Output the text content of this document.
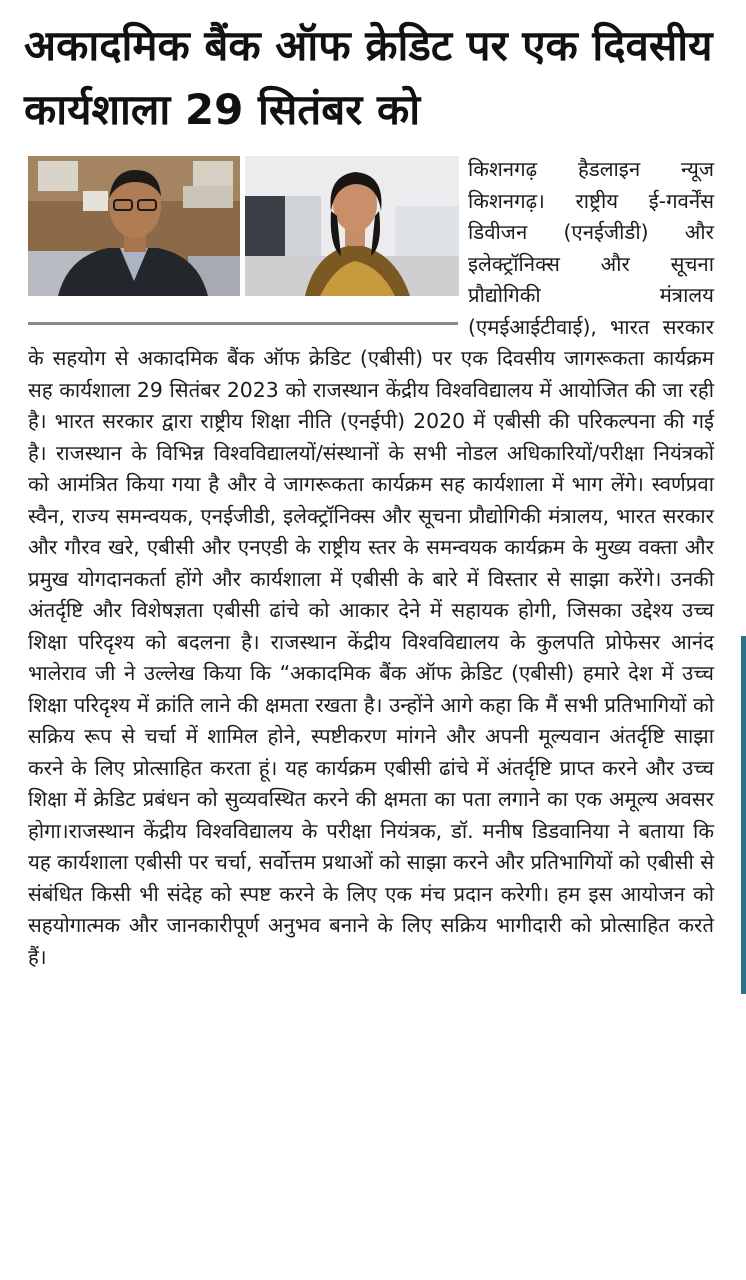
अकादमिक बैंक ऑफ क्रेडिट पर एक दिवसीय कार्यशाला 29 सितंबर को
किशनगढ़ हैडलाइन न्यूज किशनगढ़। राष्ट्रीय ई-गवर्नेंस डिवीजन (एनईजीडी) और इलेक्ट्रॉनिक्स और सूचना प्रौद्योगिकी मंत्रालय (एमईआईटीवाई), भारत सरकार के सहयोग से अकादमिक बैंक ऑफ क्रेडिट (एबीसी) पर एक दिवसीय जागरूकता कार्यक्रम सह कार्यशाला 29 सितंबर 2023 को राजस्थान केंद्रीय विश्वविद्यालय में आयोजित की जा रही है। भारत सरकार द्वारा राष्ट्रीय शिक्षा नीति (एनईपी) 2020 में एबीसी की परिकल्पना की गई है। राजस्थान के विभिन्न विश्वविद्यालयों/संस्थानों के सभी नोडल अधिकारियों/परीक्षा नियंत्रकों को आमंत्रित किया गया है और वे जागरूकता कार्यक्रम सह कार्यशाला में भाग लेंगे। स्वर्णप्रवा स्वैन, राज्य समन्वयक, एनईजीडी, इलेक्ट्रॉनिक्स और सूचना प्रौद्योगिकी मंत्रालय, भारत सरकार और गौरव खरे, एबीसी और एनएडी के राष्ट्रीय स्तर के समन्वयक कार्यक्रम के मुख्य वक्ता और प्रमुख योगदानकर्ता होंगे और कार्यशाला में एबीसी के बारे में विस्तार से साझा करेंगे। उनकी अंतर्दृष्टि और विशेषज्ञता एबीसी ढांचे को आकार देने में सहायक होगी, जिसका उद्देश्य उच्च शिक्षा परिदृश्य को बदलना है। राजस्थान केंद्रीय विश्वविद्यालय के कुलपति प्रोफेसर आनंद भालेराव जी ने उल्लेख किया कि “अकादमिक बैंक ऑफ क्रेडिट (एबीसी) हमारे देश में उच्च शिक्षा परिदृश्य में क्रांति लाने की क्षमता रखता है। उन्होंने आगे कहा कि मैं सभी प्रतिभागियों को सक्रिय रूप से चर्चा में शामिल होने, स्पष्टीकरण मांगने और अपनी मूल्यवान अंतर्दृष्टि साझा करने के लिए प्रोत्साहित करता हूं। यह कार्यक्रम एबीसी ढांचे में अंतर्दृष्टि प्राप्त करने और उच्च शिक्षा में क्रेडिट प्रबंधन को सुव्यवस्थित करने की क्षमता का पता लगाने का एक अमूल्य अवसर होगा।राजस्थान केंद्रीय विश्वविद्यालय के परीक्षा नियंत्रक, डॉ. मनीष डिडवानिया ने बताया कि यह कार्यशाला एबीसी पर चर्चा, सर्वोत्तम प्रथाओं को साझा करने और प्रतिभागियों को एबीसी से संबंधित किसी भी संदेह को स्पष्ट करने के लिए एक मंच प्रदान करेगी। हम इस आयोजन को सहयोगात्मक और जानकारीपूर्ण अनुभव बनाने के लिए सक्रिय भागीदारी को प्रोत्साहित करते हैं।
